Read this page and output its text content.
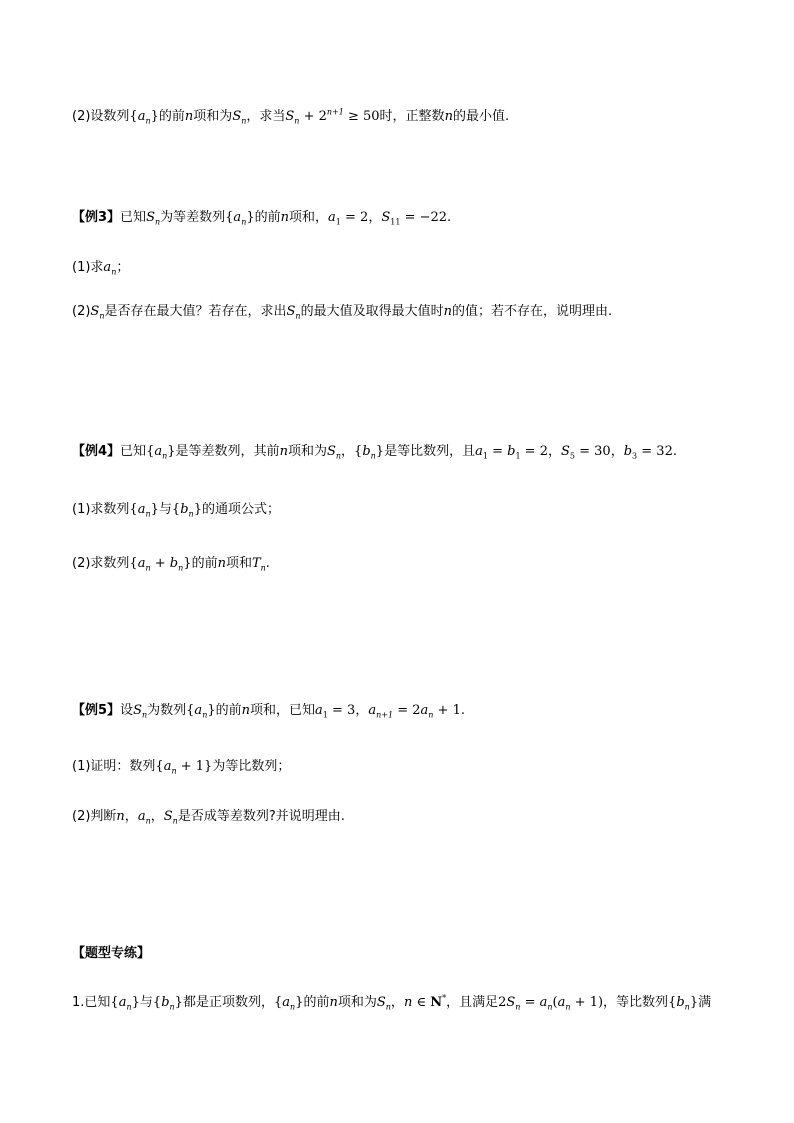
(2)设数列$\{a_n\}$的前n项和为$S_n$，求当$S_n + 2^{n+1} \ge 50$时，正整数n的最小值.
【例3】已知$S_n$为等差数列$\{a_n\}$的前n项和，$a_1 = 2$，$S_{11} = -22$.
(1)求$a_n$；
$(2)S_n$是否存在最大值？若存在，求出$S_n$的最大值及取得最大值时n的值；若不存在，说明理由.
【例4】已知$\{a_n\}$是等差数列，其前n项和为$S_n$，$\{b_n\}$是等比数列，且$a_1 = b_1 = 2$，$S_5 = 30$，$b_3 = 32$.
(1)求数列$\{a_n\}$与$\{b_n\}$的通项公式；
(2)求数列$\{a_n + b_n\}$的前n项和$T_n$.
【例5】设$S_n$为数列$\{a_n\}$的前n项和，已知$a_1 = 3$，$a_{n+1} = 2a_n + 1$.
(1)证明：数列$\{a_n + 1\}$为等比数列；
(2)判断n，$a_n$，$S_n$是否成等差数列?并说明理由.
【题型专练】
1.已知$\{a_n\}$与$\{b_n\}$都是正项数列，$\{a_n\}$的前n项和为$S_n$，n ∈ N*，且满足$2S_n = a_n(a_n + 1)$，等比数列$\{b_n\}$满
